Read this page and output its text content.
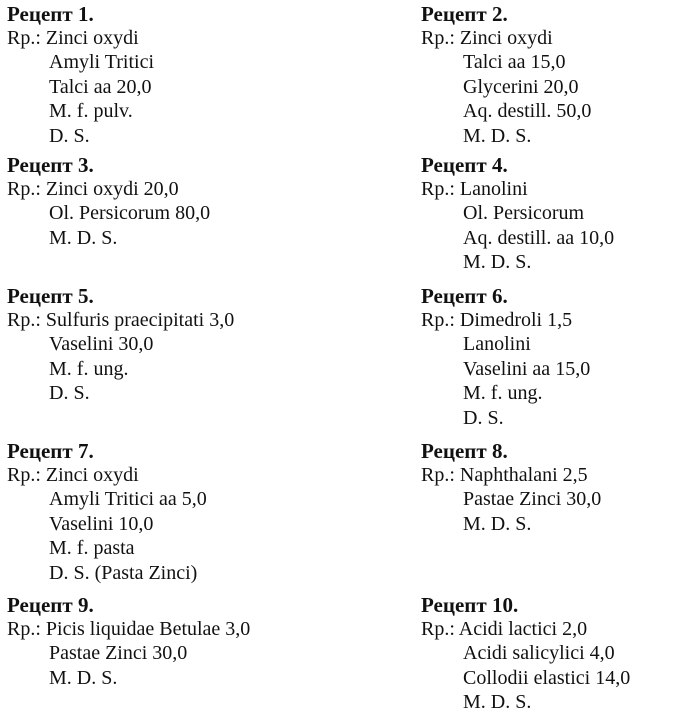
Рецепт 1.
Rp.: Zinci oxydi
Amyli Tritici
Talci aa 20,0
M. f. pulv.
D. S.
Рецепт 3.
Rp.: Zinci oxydi 20,0
Ol. Persicorum 80,0
M. D. S.
Рецепт 5.
Rp.: Sulfuris praecipitati 3,0
Vaselini 30,0
M. f. ung.
D. S.
Рецепт 7.
Rp.: Zinci oxydi
Amyli Tritici aa 5,0
Vaselini 10,0
M. f. pasta
D. S. (Pasta Zinci)
Рецепт 9.
Rp.: Picis liquidae Betulae 3,0
Pastae Zinci 30,0
M. D. S.
Рецепт 2.
Rp.: Zinci oxydi
Talci aa 15,0
Glycerini 20,0
Aq. destill. 50,0
M. D. S.
Рецепт 4.
Rp.: Lanolini
Ol. Persicorum
Aq. destill. aa 10,0
M. D. S.
Рецепт 6.
Rp.: Dimedroli 1,5
Lanolini
Vaselini aa 15,0
M. f. ung.
D. S.
Рецепт 8.
Rp.: Naphthalani 2,5
Pastae Zinci 30,0
M. D. S.
Рецепт 10.
Rp.: Acidi lactici 2,0
Acidi salicylici 4,0
Collodii elastici 14,0
M. D. S.
